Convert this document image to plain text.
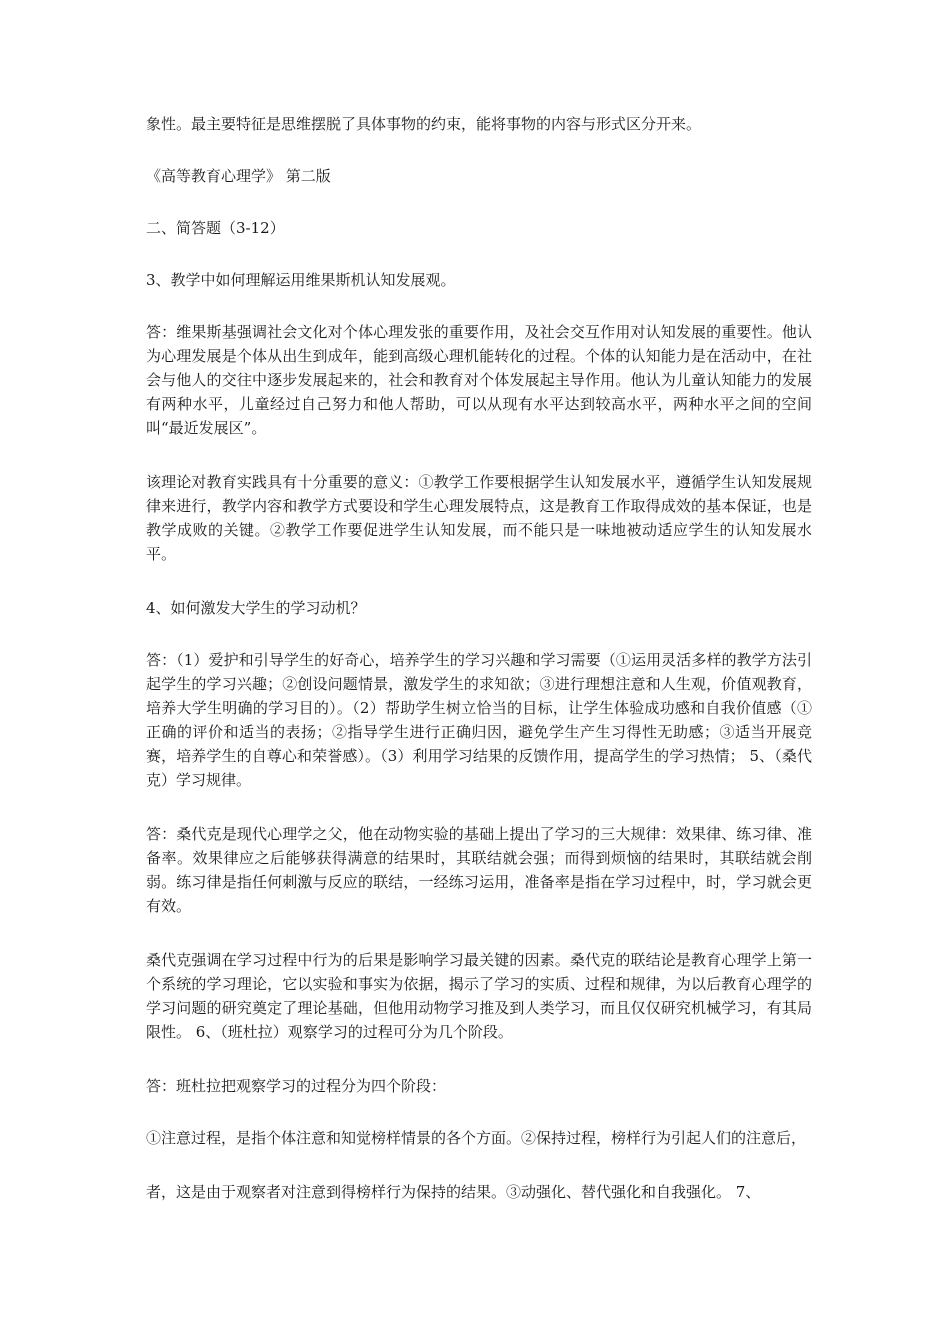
象性。最主要特征是思维摆脱了具体事物的约束，能将事物的内容与形式区分开来。

《高等教育心理学》 第二版

二、简答题（3-12）

3、教学中如何理解运用维果斯机认知发展观。

答：维果斯基强调社会文化对个体心理发张的重要作用，及社会交互作用对认知发展的重要性。他认为心理发展是个体从出生到成年，能到高级心理机能转化的过程。个体的认知能力是在活动中，在社会与他人的交往中逐步发展起来的，社会和教育对个体发展起主导作用。他认为儿童认知能力的发展有两种水平，儿童经过自己努力和他人帮助，可以从现有水平达到较高水平，两种水平之间的空间叫“最近发展区”。

该理论对教育实践具有十分重要的意义：①教学工作要根据学生认知发展水平，遵循学生认知发展规律来进行，教学内容和教学方式要设和学生心理发展特点，这是教育工作取得成效的基本保证，也是教学成败的关键。②教学工作要促进学生认知发展，而不能只是一味地被动适应学生的认知发展水平。

4、如何激发大学生的学习动机？

答：（1）爱护和引导学生的好奇心，培养学生的学习兴趣和学习需要（①运用灵活多样的教学方法引起学生的学习兴趣；②创设问题情景，激发学生的求知欲；③进行理想注意和人生观，价值观教育，培养大学生明确的学习目的）。（2）帮助学生树立恰当的目标，让学生体验成功感和自我价值感（①正确的评价和适当的表扬；②指导学生进行正确归因，避免学生产生习得性无助感；③适当开展竞赛，培养学生的自尊心和荣誉感）。（3）利用学习结果的反馈作用，提高学生的学习热情； 5、（桑代克）学习规律。

答：桑代克是现代心理学之父，他在动物实验的基础上提出了学习的三大规律：效果律、练习律、准备率。效果律应之后能够获得满意的结果时，其联结就会强；而得到烦恼的结果时，其联结就会削弱。练习律是指任何刺激与反应的联结，一经练习运用，准备率是指在学习过程中，时，学习就会更有效。

桑代克强调在学习过程中行为的后果是影响学习最关键的因素。桑代克的联结论是教育心理学上第一个系统的学习理论，它以实验和事实为依据，揭示了学习的实质、过程和规律，为以后教育心理学的学习问题的研究奠定了理论基础，但他用动物学习推及到人类学习，而且仅仅研究机械学习，有其局限性。 6、（班杜拉）观察学习的过程可分为几个阶段。

答：班杜拉把观察学习的过程分为四个阶段：

①注意过程，是指个体注意和知觉榜样情景的各个方面。②保持过程，榜样行为引起人们的注意后，

者，这是由于观察者对注意到得榜样行为保持的结果。③动强化、替代强化和自我强化。 7、
